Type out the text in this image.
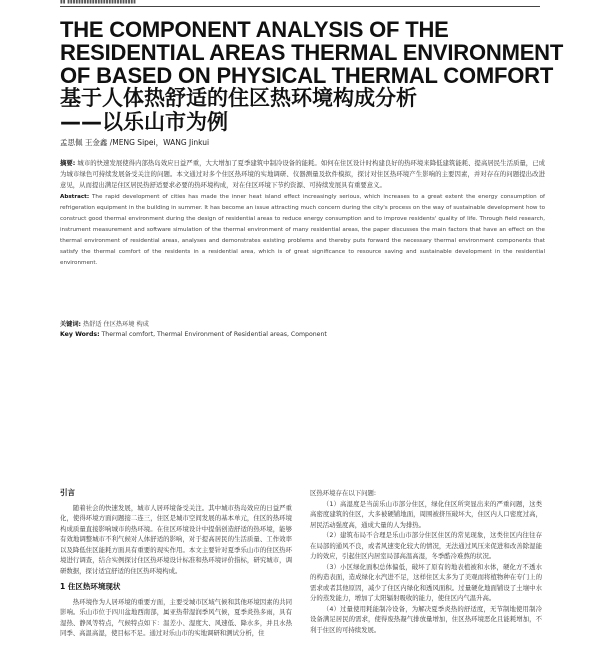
▮▮ ▮▮▮▮▮▮▮▮▮▮▮▮▮▮▮▮▮▮▮▮▮▮▮▮▮
THE COMPONENT ANALYSIS OF THE
RESIDENTIAL AREAS THERMAL ENVIRONMENT
OF BASED ON PHYSICAL THERMAL COMFORT
基于人体热舒适的住区热环境构成分析
——以乐山市为例
孟思佩 王金鑫 /MENG Sipei，WANG Jinkui
摘要: 城市的快速发展使得内部热岛效应日益严重，大大增加了夏季建筑中制冷设备的能耗。如何在住区设计时构建良好的热环境来降低建筑能耗、提高居民生活质量，已成为城市绿色可持续发展备受关注的问题。本文通过对多个住区热环境的实地调研、仪器测量及软件模拟，探讨对住区热环境产生影响的主要因素，并对存在的问题提出改进意见，从而提出满足住区居民热舒适要求必要的热环境构成，对在住区环境下节约资源、可持续发展具有重要意义。
Abstract: The rapid development of cities has made the inner heat island effect increasingly serious, which increases to a great extent the energy consumption of refrigeration equipment in the building in summer. It has become an issue attracting much concern during the city's process on the way of sustainable development how to construct good thermal environment during the design of residential areas to reduce energy consumption and to improve residents' quality of life. Through field research, instrument measurement and software simulation of the thermal environment of many residential areas, the paper discusses the main factors that have an effect on the thermal environment of residential areas, analyses and demonstrates existing problems and thereby puts forward the necessary thermal environment components that satisfy the thermal comfort of the residents in a residential area, which is of great significance to resource saving and sustainable development in the residential environment.
关键词: 热舒适 住区热环境 构成
Key Words: Thermal comfort, Thermal Environment of Residential areas, Component
引言

随着社会的快速发展，城市人居环境备受关注。其中城市热岛效应的日益严重化，使得环境方面问题接二连三，住区是城市空间发展的基本单元，住区的热环境构成质量直接影响城市的热环境。在住区环境设计中提倡创造舒适的热环境，能够有效地调整城市不利气候对人体舒适的影响，对于提高居民的生活质量、工作效率以及降低住区能耗方面具有重要的现实作用。本文主要针对夏季乐山市的住区热环境进行调查，结合实例探讨住区热环境设计标准和热环境评价指标，研究城市，调研数据，探讨适宜舒适的住区热环境构成。

1 住区热环境现状

热环境作为人居环境的重要方面，主要受城市区域气候和其他环境因素的共同影响。乐山市位于四川盆地西南部，属亚热带湿润季风气候，夏季炎热多雨，具有湿热、静风等特点，气候特点如下：温差小、湿度大、风速低、降水多，并且水热同季、高温高湿，使目标不足。通过对乐山市的实地调研和测试分析，住

区热环境存在以下问题:

（1）高湿度是当前乐山市部分住区，绿化住区所突显出来的严重问题，这类高密度建筑的住区，大多被硬铺地面，周围被挤压破坏大，住区内人口密度过高，居民活动强度高，通成大量的人为排热。

（2）建筑布局不合理是乐山市部分住区住区的常见现象，这类住区内往往存在局部的通风不良，或者风速变化较大的情况，无法通过风压来促进和改善除湿能力的效应，引起住区内居室局部高温高湿，冬季酷冷难熬的状况。

（3）小区绿化面积总体偏低，破坏了原有的地表植被和水体，硬化方不透水的构造表面，造成绿化水汽进不足，这样住区太多为了美观而将植物种在专门上的需求或者其他原因，减少了住区内绿化和透风面积。过量硬化地面铺设了土壤中水分的蒸发能力，增加了太阳辐射吸收的能力，使住区内气温升高。

（4）过量使用耗能制冷设备，为解决夏季炎热的舒适度，无节制地使用制冷设备满足居民的需求，使得废热凝气排放量增加，住区热环境恶化且能耗增加，不利于住区的可持续发展。
